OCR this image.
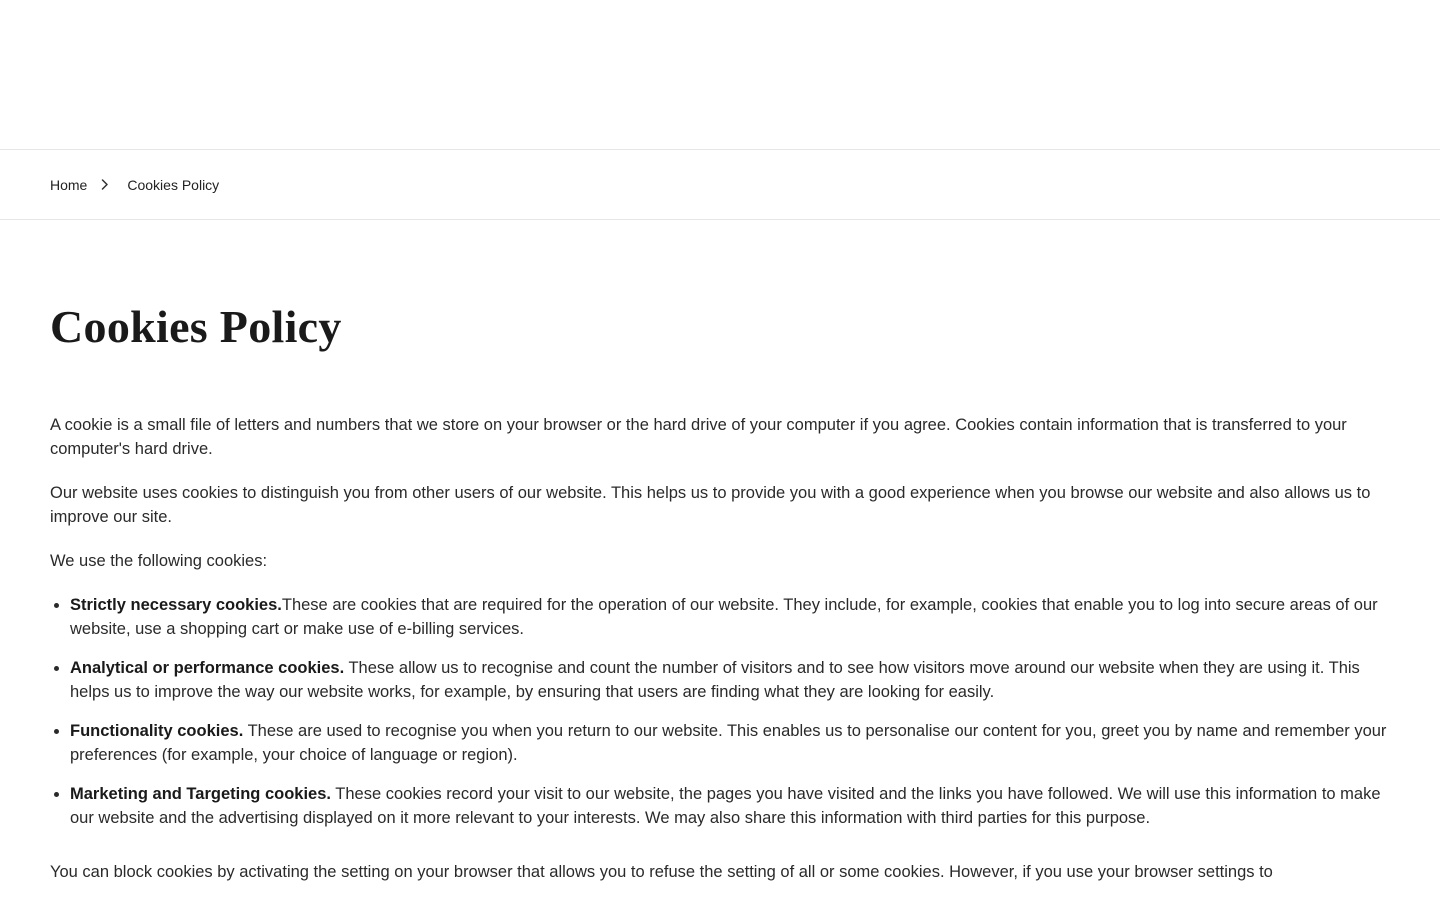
Home	Cookies Policy
Cookies Policy

A cookie is a small file of letters and numbers that we store on your browser or the hard drive of your computer if you agree. Cookies contain information that is transferred to your computer's hard drive.

Our website uses cookies to distinguish you from other users of our website. This helps us to provide you with a good experience when you browse our website and also allows us to improve our site.

We use the following cookies:

• Strictly necessary cookies.These are cookies that are required for the operation of our website. They include, for example, cookies that enable you to log into secure areas of our website, use a shopping cart or make use of e-billing services.
• Analytical or performance cookies. These allow us to recognise and count the number of visitors and to see how visitors move around our website when they are using it. This helps us to improve the way our website works, for example, by ensuring that users are finding what they are looking for easily.
• Functionality cookies. These are used to recognise you when you return to our website. This enables us to personalise our content for you, greet you by name and remember your preferences (for example, your choice of language or region).
• Marketing and Targeting cookies. These cookies record your visit to our website, the pages you have visited and the links you have followed. We will use this information to make our website and the advertising displayed on it more relevant to your interests. We may also share this information with third parties for this purpose.

You can block cookies by activating the setting on your browser that allows you to refuse the setting of all or some cookies. However, if you use your browser settings to
